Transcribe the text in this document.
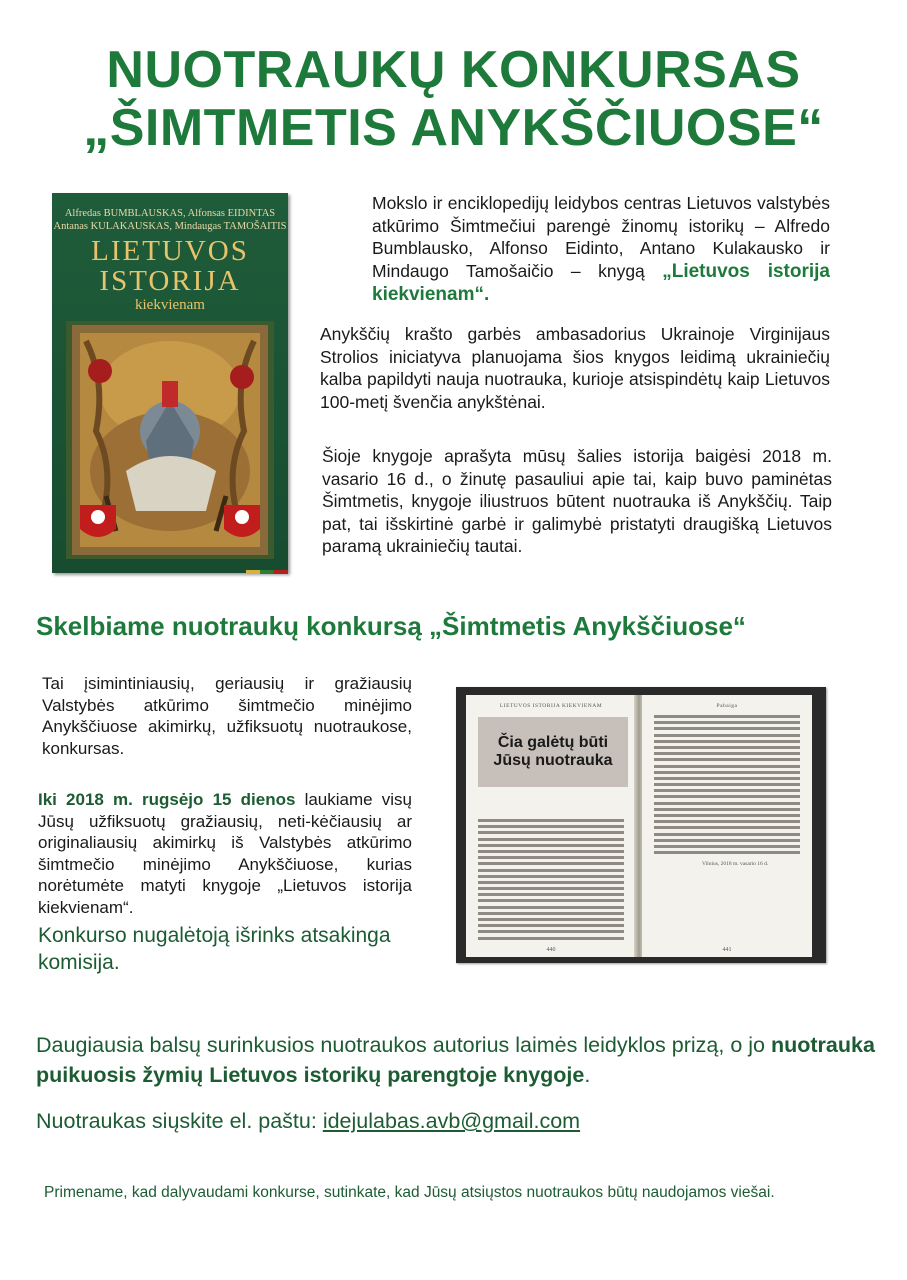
NUOTRAUKŲ KONKURSAS
„ŠIMTMETIS ANYKŠČIUOSE“
Alfredas BUMBLAUSKAS, Alfonsas EIDINTAS
Antanas KULAKAUSKAS, Mindaugas TAMOŠAITIS
LIETUVOS
ISTORIJA
kiekvienam
Mokslo ir enciklopedijų leidybos centras Lietuvos valstybės atkūrimo Šimtmečiui parengė žinomų istorikų – Alfredo Bumblausko, Alfonso Eidinto, Antano Kulakausko ir Mindaugo Tamošaičio – knygą „Lietuvos istorija kiekvienam“.
Anykščių krašto garbės ambasadorius Ukrainoje Virginijaus Strolios iniciatyva planuojama šios knygos leidimą ukrainiečių kalba papildyti nauja nuotrauka, kurioje atsispindėtų kaip Lietuvos 100-metį švenčia anykštėnai.
Šioje knygoje aprašyta mūsų šalies istorija baigėsi 2018 m. vasario 16 d., o žinutę pasauliui apie tai, kaip buvo paminėtas Šimtmetis, knygoje iliustruos būtent nuotrauka iš Anykščių. Taip pat, tai išskirtinė garbė ir galimybė pristatyti draugišką Lietuvos paramą ukrainiečių tautai.
Skelbiame nuotraukų konkursą „Šimtmetis Anykščiuose“
Tai įsimintiniausių, geriausių ir gražiausių Valstybės atkūrimo šimtmečio minėjimo Anykščiuose akimirkų, užfiksuotų nuotraukose, konkursas.
Iki 2018 m. rugsėjo 15 dienos laukiame visų Jūsų užfiksuotų gražiausių, neti-kėčiausių ar originaliausių akimirkų iš Valstybės atkūrimo šimtmečio minėjimo Anykščiuose, kurias norėtumėte matyti knygoje „Lietuvos istorija kiekvienam“.
Konkurso nugalėtoją išrinks atsakinga komisija.
LIETUVOS ISTORIJA KIEKVIENAM
Čia galėtų būti
Jūsų nuotrauka
440
Pabaiga
Vilnius, 2018 m. vasario 16 d.
441
Daugiausia balsų surinkusios nuotraukos autorius laimės leidyklos prizą, o jo nuotrauka puikuosis žymių Lietuvos istorikų parengtoje knygoje.
Nuotraukas siųskite el. paštu: idejulabas.avb@gmail.com
Primename, kad dalyvaudami konkurse, sutinkate, kad Jūsų atsiųstos nuotraukos būtų naudojamos viešai.
